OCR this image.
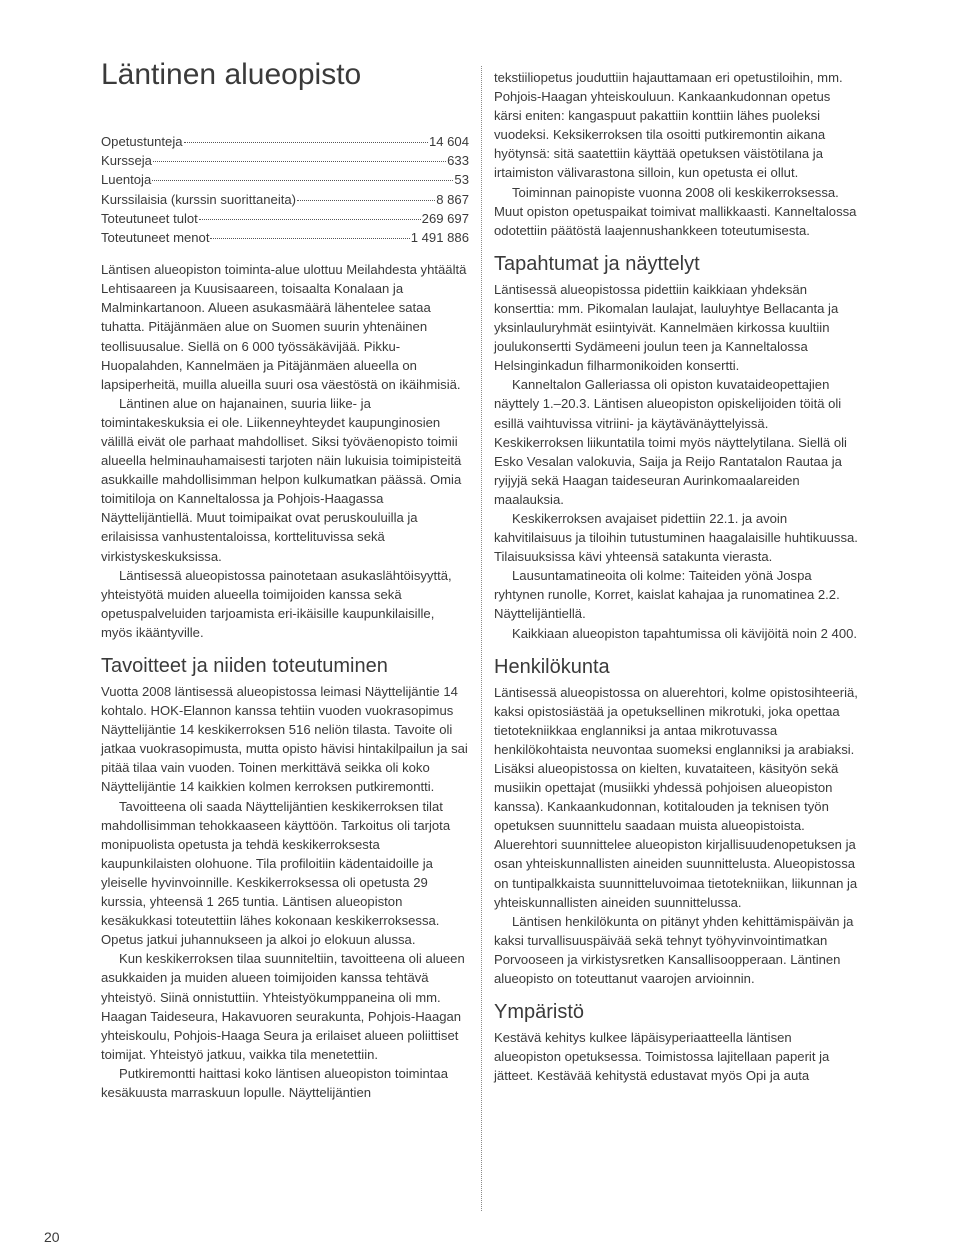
Läntinen alueopisto
Opetustunteja	14 604
Kursseja	633
Luentoja	53
Kurssilaisia (kurssin suorittaneita)	8 867
Toteutuneet tulot	269 697
Toteutuneet menot	1 491 886

Läntisen alueopiston toiminta-alue ulottuu Meilahdesta yhtäältä Lehtisaareen ja Kuusisaareen, toisaalta Konalaan ja Malminkartanoon. Alueen asukasmäärä lähentelee sataa tuhatta. Pitäjänmäen alue on Suomen suurin yhtenäinen teollisuusalue. Siellä on 6 000 työssäkävijää. Pikku-Huopalahden, Kannelmäen ja Pitäjänmäen alueella on lapsiperheitä, muilla alueilla suuri osa väestöstä on ikäihmisiä.

Läntinen alue on hajanainen, suuria liike- ja toimintakeskuksia ei ole. Liikenneyhteydet kaupunginosien välillä eivät ole parhaat mahdolliset. Siksi työväenopisto toimii alueella helminauhamaisesti tarjoten näin lukuisia toimipisteitä asukkaille mahdollisimman helpon kulkumatkan päässä. Omia toimitiloja on Kanneltalossa ja Pohjois-Haagassa Näyttelijäntiellä. Muut toimipaikat ovat peruskouluilla ja erilaisissa vanhustentaloissa, korttelituvissa sekä virkistyskeskuksissa.

Läntisessä alueopistossa painotetaan asukaslähtöisyyttä, yhteistyötä muiden alueella toimijoiden kanssa sekä opetuspalveluiden tarjoamista eri-ikäisille kaupunkilaisille, myös ikääntyville.

Tavoitteet ja niiden toteutuminen

Vuotta 2008 läntisessä alueopistossa leimasi Näyttelijäntie 14 kohtalo. HOK-Elannon kanssa tehtiin vuoden vuokrasopimus Näyttelijäntie 14 keskikerroksen 516 neliön tilasta. Tavoite oli jatkaa vuokrasopimusta, mutta opisto hävisi hintakilpailun ja sai pitää tilaa vain vuoden. Toinen merkittävä seikka oli koko Näyttelijäntie 14 kaikkien kolmen kerroksen putkiremontti.

Tavoitteena oli saada Näyttelijäntien keskikerroksen tilat mahdollisimman tehokkaaseen käyttöön. Tarkoitus oli tarjota monipuolista opetusta ja tehdä keskikerroksesta kaupunkilaisten olohuone. Tila profiloitiin kädentaidoille ja yleiselle hyvinvoinnille. Keskikerroksessa oli opetusta 29 kurssia, yhteensä 1 265 tuntia. Läntisen alueopiston kesäkukkasi toteutettiin lähes kokonaan keskikerroksessa. Opetus jatkui juhannukseen ja alkoi jo elokuun alussa.

Kun keskikerroksen tilaa suunniteltiin, tavoitteena oli alueen asukkaiden ja muiden alueen toimijoiden kanssa tehtävä yhteistyö. Siinä onnistuttiin. Yhteistyökumppaneina oli mm. Haagan Taideseura, Hakavuoren seurakunta, Pohjois-Haagan yhteiskoulu, Pohjois-Haaga Seura ja erilaiset alueen poliittiset toimijat. Yhteistyö jatkuu, vaikka tila menetettiin.

Putkiremontti haittasi koko läntisen alueopiston toimintaa kesäkuusta marraskuun lopulle. Näyttelijäntien

tekstiiliopetus jouduttiin hajauttamaan eri opetustiloihin, mm. Pohjois-Haagan yhteiskouluun. Kankaankudonnan opetus kärsi eniten: kangaspuut pakattiin konttiin lähes puoleksi vuodeksi. Keksikerroksen tila osoitti putkiremontin aikana hyötynsä: sitä saatettiin käyttää opetuksen väistötilana ja irtaimiston välivarastona silloin, kun opetusta ei ollut.

Toiminnan painopiste vuonna 2008 oli keskikerroksessa. Muut opiston opetuspaikat toimivat mallikkaasti. Kanneltalossa odotettiin päätöstä laajennushankkeen toteutumisesta.

Tapahtumat ja näyttelyt

Läntisessä alueopistossa pidettiin kaikkiaan yhdeksän konserttia: mm. Pikomalan laulajat, lauluyhtye Bellacanta ja yksinlauluryhmät esiintyivät. Kannelmäen kirkossa kuultiin joulukonsertti Sydämeeni joulun teen ja Kanneltalossa Helsinginkadun filharmonikoiden konsertti.

Kanneltalon Galleriassa oli opiston kuvataideopettajien näyttely 1.–20.3. Läntisen alueopiston opiskelijoiden töitä oli esillä vaihtuvissa vitriini- ja käytävänäyttelyissä. Keskikerroksen liikuntatila toimi myös näyttelytilana. Siellä oli Esko Vesalan valokuvia, Saija ja Reijo Rantatalon Rautaa ja ryijyjä sekä Haagan taideseuran Aurinkomaalareiden maalauksia.

Keskikerroksen avajaiset pidettiin 22.1. ja avoin kahvitilaisuus ja tiloihin tutustuminen haagalaisille huhtikuussa. Tilaisuuksissa kävi yhteensä satakunta vierasta.

Lausuntamatineoita oli kolme: Taiteiden yönä Jospa ryhtynen runolle, Korret, kaislat kahajaa ja runomatinea 2.2. Näyttelijäntiellä.

Kaikkiaan alueopiston tapahtumissa oli kävijöitä noin 2 400.

Henkilökunta

Läntisessä alueopistossa on aluerehtori, kolme opistosihteeriä, kaksi opistosiästää ja opetuksellinen mikrotuki, joka opettaa tietotekniikkaa englanniksi ja antaa mikrotuvassa henkilökohtaista neuvontaa suomeksi englanniksi ja arabiaksi. Lisäksi alueopistossa on kielten, kuvataiteen, käsityön sekä musiikin opettajat (musiikki yhdessä pohjoisen alueopiston kanssa). Kankaankudonnan, kotitalouden ja teknisen työn opetuksen suunnittelu saadaan muista alueopistoista. Aluerehtori suunnittelee alueopiston kirjallisuudenopetuksen ja osan yhteiskunnallisten aineiden suunnittelusta. Alueopistossa on tuntipalkkaista suunnitteluvoimaa tietotekniikan, liikunnan ja yhteiskunnallisten aineiden suunnittelussa.

Läntisen henkilökunta on pitänyt yhden kehittämispäivän ja kaksi turvallisuuspäivää sekä tehnyt työhyvinvointimatkan Porvooseen ja virkistysretken Kansallisoopperaan. Läntinen alueopisto on toteuttanut vaarojen arvioinnin.

Ympäristö

Kestävä kehitys kulkee läpäisyperiaatteella läntisen alueopiston opetuksessa. Toimistossa lajitellaan paperit ja jätteet. Kestävää kehitystä edustavat myös Opi ja auta

20
